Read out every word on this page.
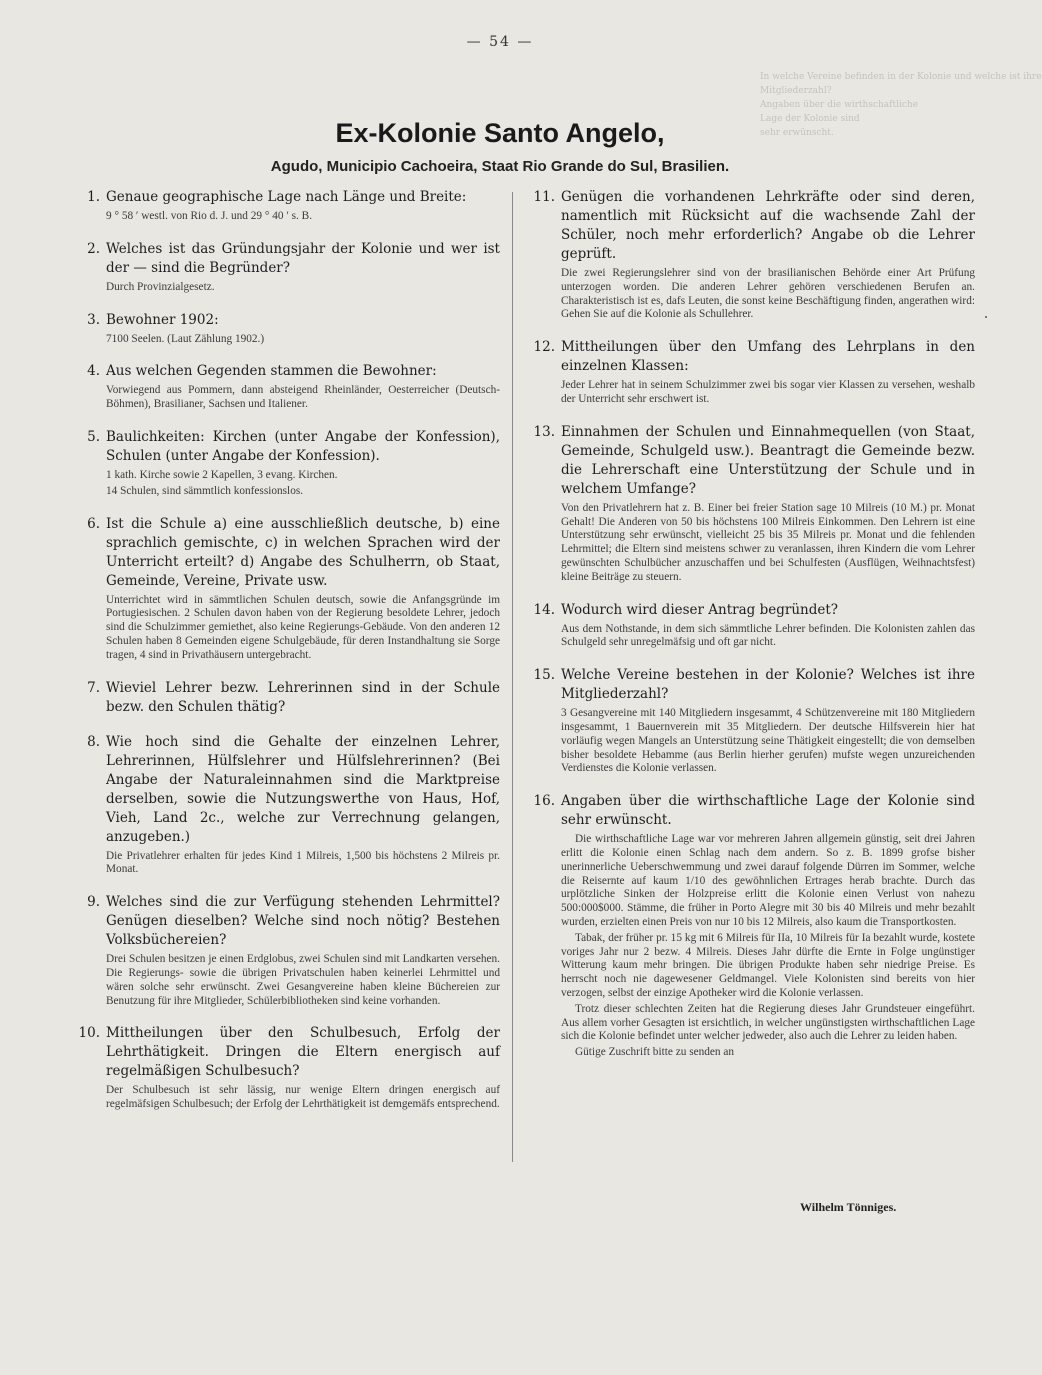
— 54 —
In welche Vereine befinden in der Kolonie und welche ist ihre
Mitgliederzahl?
Angaben über die wirthschaftliche
Lage der Kolonie sind
sehr erwünscht.
Ex-Kolonie Santo Angelo,
Agudo, Municipio Cachoeira, Staat Rio Grande do Sul, Brasilien.
1. Genaue geographische Lage nach Länge und Breite:

9 ° 58 ′ westl. von Rio d. J. und 29 ° 40 ′ s. B.

2. Welches ist das Gründungsjahr der Kolonie und wer ist der — sind die Begründer?

Durch Provinzialgesetz.

3. Bewohner 1902:

7100 Seelen. (Laut Zählung 1902.)

4. Aus welchen Gegenden stammen die Bewohner:

Vorwiegend aus Pommern, dann absteigend Rheinländer, Oesterreicher (Deutsch-Böhmen), Brasilianer, Sachsen und Italiener.

5. Baulichkeiten: Kirchen (unter Angabe der Konfession), Schulen (unter Angabe der Konfession).

1 kath. Kirche sowie 2 Kapellen, 3 evang. Kirchen.

14 Schulen, sind sämmtlich konfessionslos.

6. Ist die Schule a) eine ausschließlich deutsche, b) eine sprachlich gemischte, c) in welchen Sprachen wird der Unterricht erteilt? d) Angabe des Schulherrn, ob Staat, Gemeinde, Vereine, Private usw.

Unterrichtet wird in sämmtlichen Schulen deutsch, sowie die Anfangsgründe im Portugiesischen. 2 Schulen davon haben von der Regierung besoldete Lehrer, jedoch sind die Schulzimmer gemiethet, also keine Regierungs-Gebäude. Von den anderen 12 Schulen haben 8 Gemeinden eigene Schulgebäude, für deren Instandhaltung sie Sorge tragen, 4 sind in Privathäusern untergebracht.

7. Wieviel Lehrer bezw. Lehrerinnen sind in der Schule bezw. den Schulen thätig?
8. Wie hoch sind die Gehalte der einzelnen Lehrer, Lehrerinnen, Hülfslehrer und Hülfslehrerinnen? (Bei Angabe der Naturaleinnahmen sind die Marktpreise derselben, sowie die Nutzungswerthe von Haus, Hof, Vieh, Land 2c., welche zur Verrechnung gelangen, anzugeben.)

Die Privatlehrer erhalten für jedes Kind 1 Milreis, 1,500 bis höchstens 2 Milreis pr. Monat.

9. Welches sind die zur Verfügung stehenden Lehrmittel? Genügen dieselben? Welche sind noch nötig? Bestehen Volksbüchereien?

Drei Schulen besitzen je einen Erdglobus, zwei Schulen sind mit Landkarten versehen. Die Regierungs- sowie die übrigen Privatschulen haben keinerlei Lehrmittel und wären solche sehr erwünscht. Zwei Gesangvereine haben kleine Büchereien zur Benutzung für ihre Mitglieder, Schülerbibliotheken sind keine vorhanden.

10. Mittheilungen über den Schulbesuch, Erfolg der Lehrthätigkeit. Dringen die Eltern energisch auf regelmäßigen Schulbesuch?

Der Schulbesuch ist sehr lässig, nur wenige Eltern dringen energisch auf regelmäfsigen Schulbesuch; der Erfolg der Lehrthätigkeit ist demgemäfs entsprechend.

11. Genügen die vorhandenen Lehrkräfte oder sind deren, namentlich mit Rücksicht auf die wachsende Zahl der Schüler, noch mehr erforderlich? Angabe ob die Lehrer geprüft.

Die zwei Regierungslehrer sind von der brasilianischen Behörde einer Art Prüfung unterzogen worden. Die anderen Lehrer gehören verschiedenen Berufen an. Charakteristisch ist es, dafs Leuten, die sonst keine Beschäftigung finden, angerathen wird: Gehen Sie auf die Kolonie als Schullehrer.

12. Mittheilungen über den Umfang des Lehrplans in den einzelnen Klassen:

Jeder Lehrer hat in seinem Schulzimmer zwei bis sogar vier Klassen zu versehen, weshalb der Unterricht sehr erschwert ist.

13. Einnahmen der Schulen und Einnahmequellen (von Staat, Gemeinde, Schulgeld usw.). Beantragt die Gemeinde bezw. die Lehrerschaft eine Unterstützung der Schule und in welchem Umfange?

Von den Privatlehrern hat z. B. Einer bei freier Station sage 10 Milreis (10 M.) pr. Monat Gehalt! Die Anderen von 50 bis höchstens 100 Milreis Einkommen. Den Lehrern ist eine Unterstützung sehr erwünscht, vielleicht 25 bis 35 Milreis pr. Monat und die fehlenden Lehrmittel; die Eltern sind meistens schwer zu veranlassen, ihren Kindern die vom Lehrer gewünschten Schulbücher anzuschaffen und bei Schulfesten (Ausflügen, Weihnachtsfest) kleine Beiträge zu steuern.

14. Wodurch wird dieser Antrag begründet?

Aus dem Nothstande, in dem sich sämmtliche Lehrer befinden. Die Kolonisten zahlen das Schulgeld sehr unregelmäfsig und oft gar nicht.

15. Welche Vereine bestehen in der Kolonie? Welches ist ihre Mitgliederzahl?

3 Gesangvereine mit 140 Mitgliedern insgesammt, 4 Schützenvereine mit 180 Mitgliedern insgesammt, 1 Bauernverein mit 35 Mitgliedern. Der deutsche Hilfsverein hier hat vorläufig wegen Mangels an Unterstützung seine Thätigkeit eingestellt; die von demselben bisher besoldete Hebamme (aus Berlin hierher gerufen) mufste wegen unzureichenden Verdienstes die Kolonie verlassen.

16. Angaben über die wirthschaftliche Lage der Kolonie sind sehr erwünscht.

Die wirthschaftliche Lage war vor mehreren Jahren allgemein günstig, seit drei Jahren erlitt die Kolonie einen Schlag nach dem andern. So z. B. 1899 grofse bisher unerinnerliche Ueberschwemmung und zwei darauf folgende Dürren im Sommer, welche die Reisernte auf kaum 1/10 des gewöhnlichen Ertrages herab brachte. Durch das urplötzliche Sinken der Holzpreise erlitt die Kolonie einen Verlust von nahezu 500:000$000. Stämme, die früher in Porto Alegre mit 30 bis 40 Milreis und mehr bezahlt wurden, erzielten einen Preis von nur 10 bis 12 Milreis, also kaum die Transportkosten.

Tabak, der früher pr. 15 kg mit 6 Milreis für IIa, 10 Milreis für Ia bezahlt wurde, kostete voriges Jahr nur 2 bezw. 4 Milreis. Dieses Jahr dürfte die Ernte in Folge ungünstiger Witterung kaum mehr bringen. Die übrigen Produkte haben sehr niedrige Preise. Es herrscht noch nie dagewesener Geldmangel. Viele Kolonisten sind bereits von hier verzogen, selbst der einzige Apotheker wird die Kolonie verlassen.

Trotz dieser schlechten Zeiten hat die Regierung dieses Jahr Grundsteuer eingeführt. Aus allem vorher Gesagten ist ersichtlich, in welcher ungünstigsten wirthschaftlichen Lage sich die Kolonie befindet unter welcher jedweder, also auch die Lehrer zu leiden haben.

Gütige Zuschrift bitte zu senden an

Wilhelm Tönniges.
